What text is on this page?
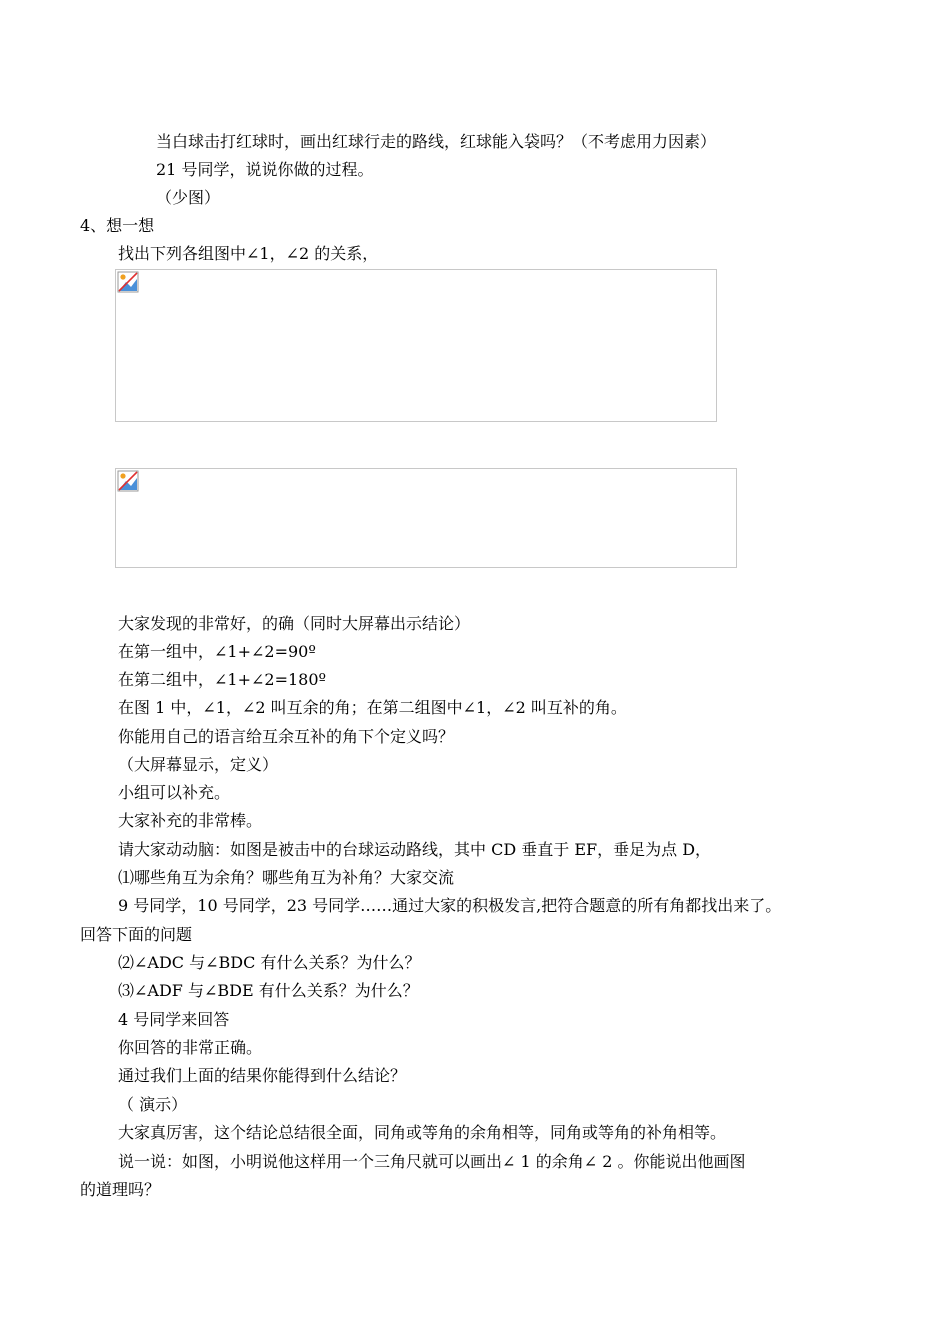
当白球击打红球时，画出红球行走的路线，红球能入袋吗？（不考虑用力因素）
21 号同学，说说你做的过程。
（少图）
4、想一想
找出下列各组图中∠1，∠2 的关系，
大家发现的非常好，的确（同时大屏幕出示结论）
在第一组中，∠1+∠2=90º
在第二组中，∠1+∠2=180º
在图 1 中，∠1，∠2 叫互余的角；在第二组图中∠1，∠2 叫互补的角。
你能用自己的语言给互余互补的角下个定义吗？
（大屏幕显示，定义）
小组可以补充。
大家补充的非常棒。
请大家动动脑：如图是被击中的台球运动路线，其中 CD 垂直于 EF，垂足为点 D，
⑴哪些角互为余角？哪些角互为补角？大家交流
9 号同学，10 号同学，23 号同学……通过大家的积极发言,把符合题意的所有角都找出来了。
回答下面的问题
⑵∠ADC 与∠BDC 有什么关系？为什么？
⑶∠ADF 与∠BDE 有什么关系？为什么？
4 号同学来回答
你回答的非常正确。
通过我们上面的结果你能得到什么结论？
（ 演示）
大家真厉害，这个结论总结很全面，同角或等角的余角相等，同角或等角的补角相等。
说一说：如图，小明说他这样用一个三角尺就可以画出∠ 1 的余角∠ 2 。你能说出他画图
的道理吗？
